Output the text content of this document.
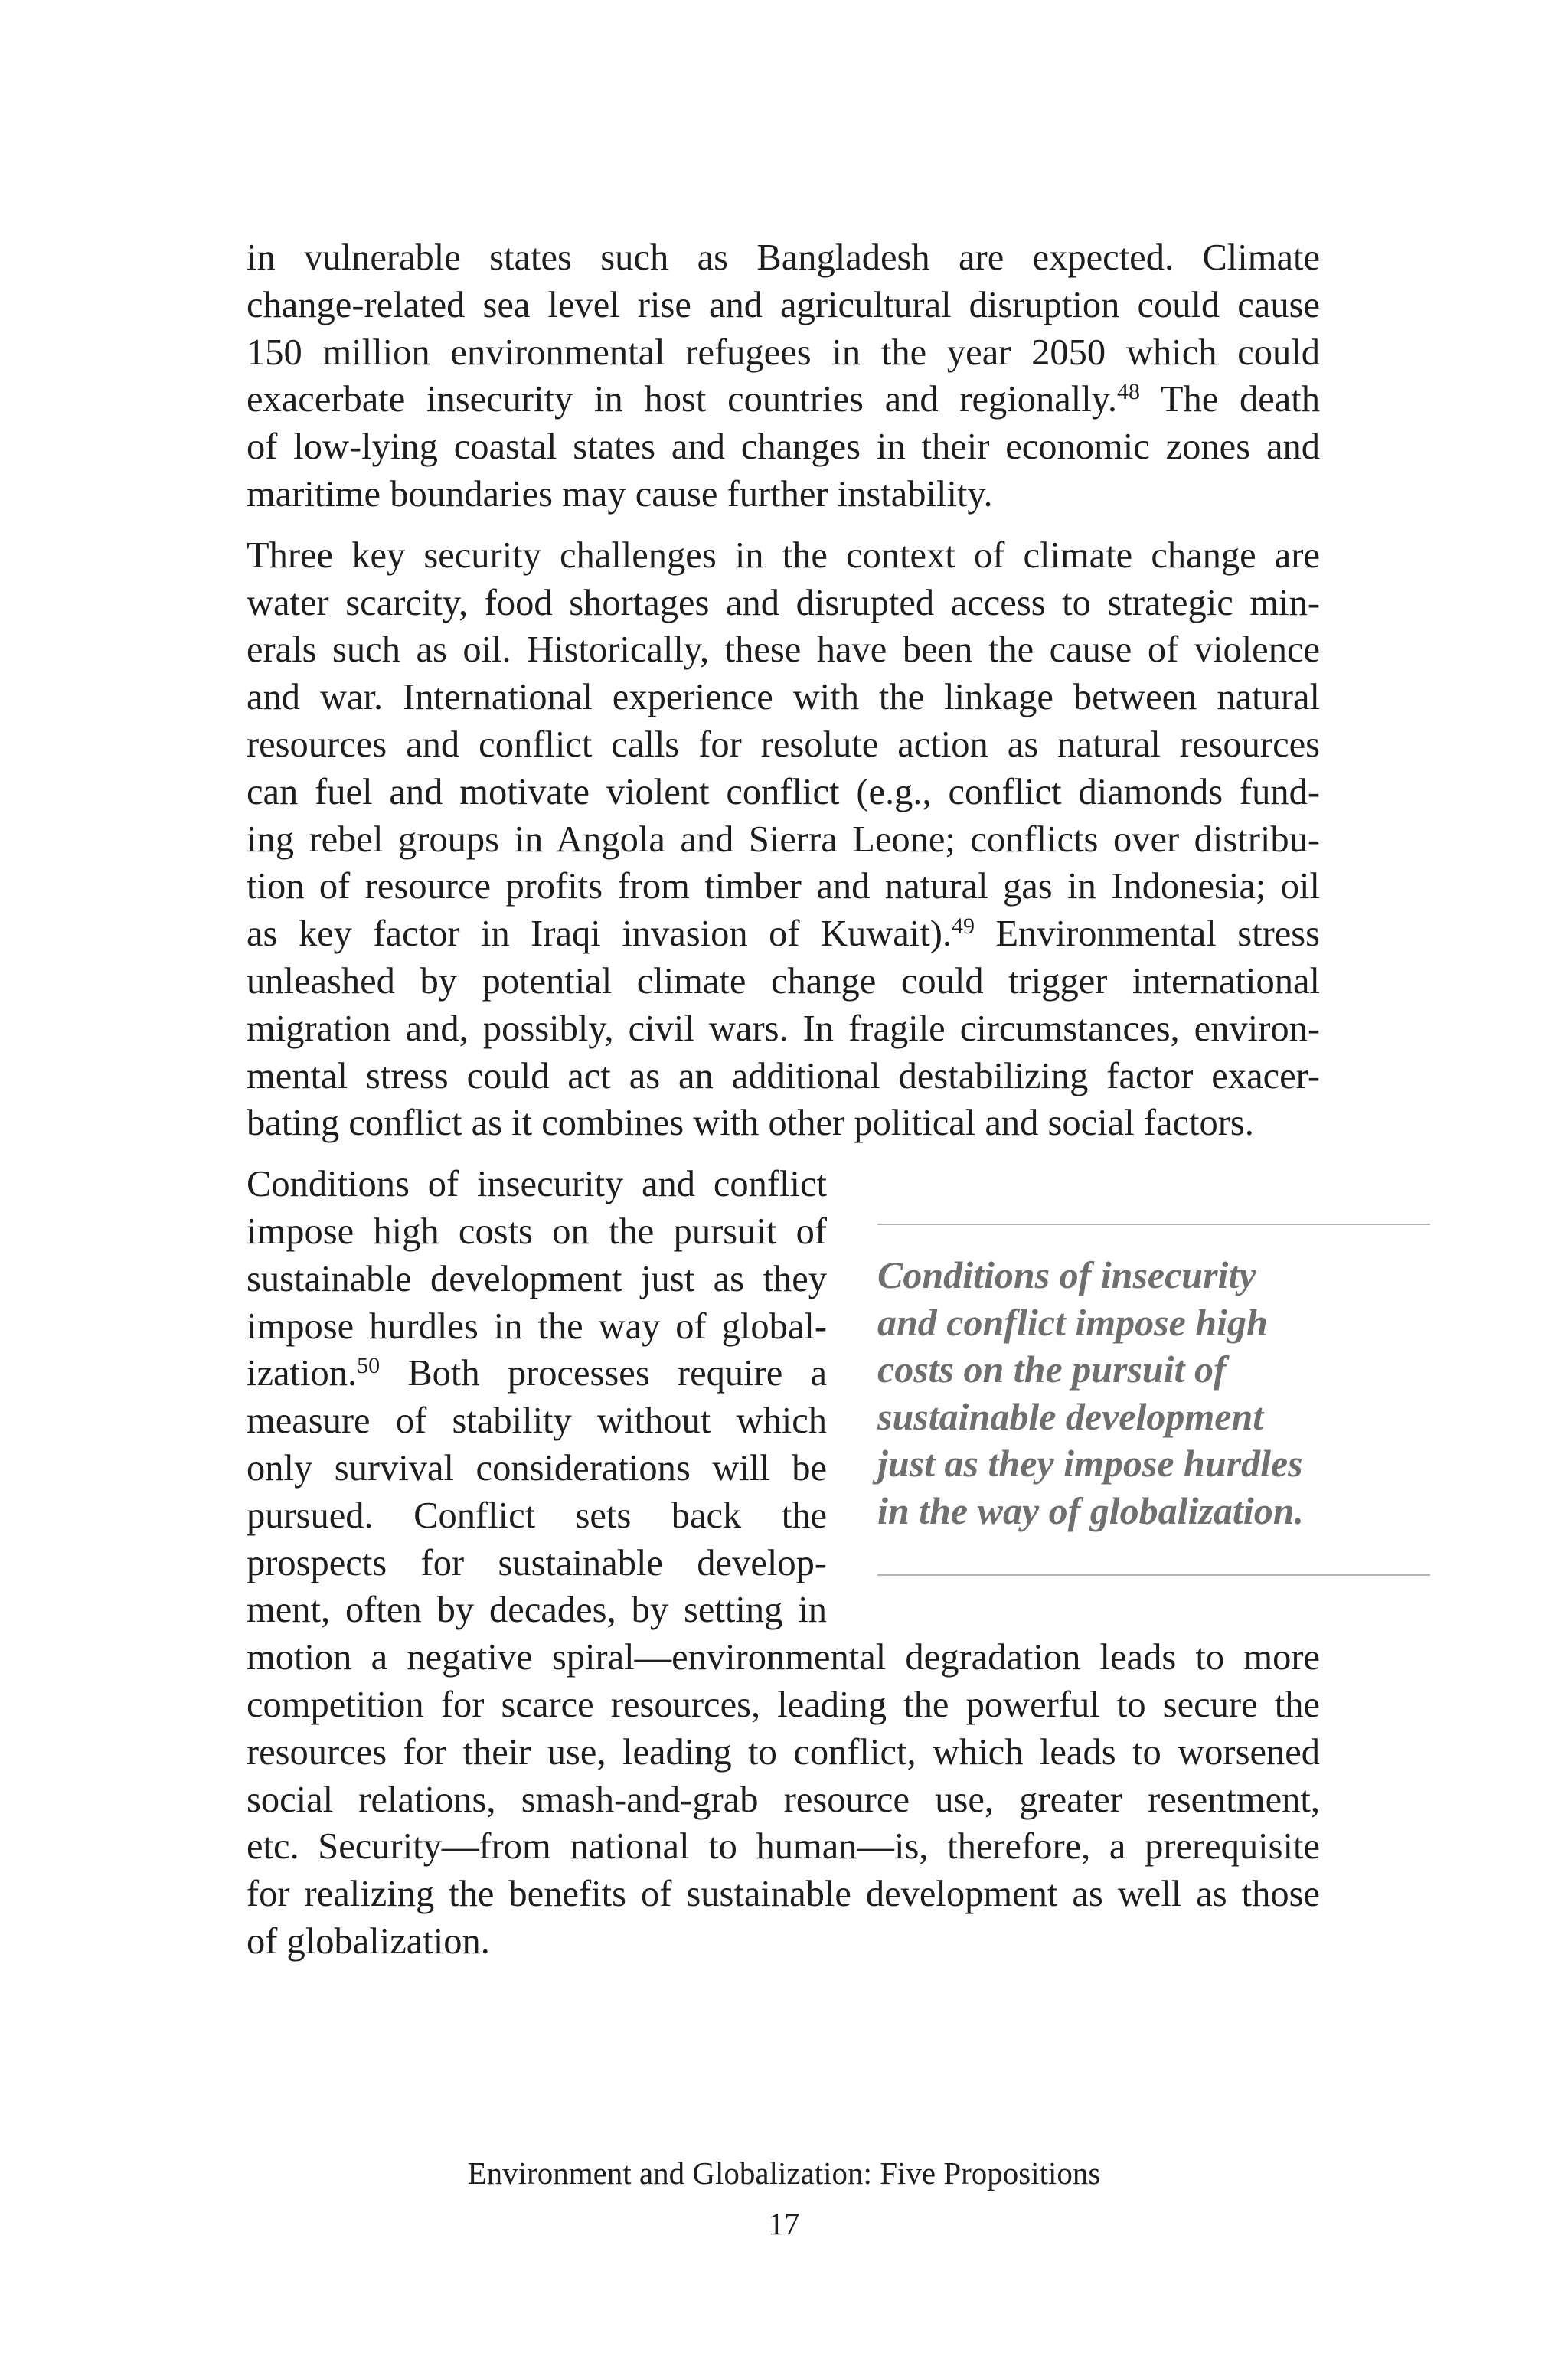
in vulnerable states such as Bangladesh are expected. Climate
change-related sea level rise and agricultural disruption could cause
150 million environmental refugees in the year 2050 which could
exacerbate insecurity in host countries and regionally.$^{48}$ The death
of low-lying coastal states and changes in their economic zones and
maritime boundaries may cause further instability.

Three key security challenges in the context of climate change are
water scarcity, food shortages and disrupted access to strategic min-
erals such as oil. Historically, these have been the cause of violence
and war. International experience with the linkage between natural
resources and conflict calls for resolute action as natural resources
can fuel and motivate violent conflict (e.g., conflict diamonds fund-
ing rebel groups in Angola and Sierra Leone; conflicts over distribu-
tion of resource profits from timber and natural gas in Indonesia; oil
as key factor in Iraqi invasion of Kuwait).$^{49}$ Environmental stress
unleashed by potential climate change could trigger international
migration and, possibly, civil wars. In fragile circumstances, environ-
mental stress could act as an additional destabilizing factor exacer-
bating conflict as it combines with other political and social factors.

Conditions of insecurity and conflict
impose high costs on the pursuit of
sustainable development just as they
impose hurdles in the way of global-
ization.$^{50}$ Both processes require a
measure of stability without which
only survival considerations will be
pursued. Conflict sets back the
prospects for sustainable develop-
ment, often by decades, by setting in

motion a negative spiral—environmental degradation leads to more
competition for scarce resources, leading the powerful to secure the
resources for their use, leading to conflict, which leads to worsened
social relations, smash-and-grab resource use, greater resentment,
etc. Security—from national to human—is, therefore, a prerequisite
for realizing the benefits of sustainable development as well as those
of globalization.

Conditions of insecurity
and conflict impose high
costs on the pursuit of
sustainable development
just as they impose hurdles
in the way of globalization.
Environment and Globalization: Five Propositions
17
